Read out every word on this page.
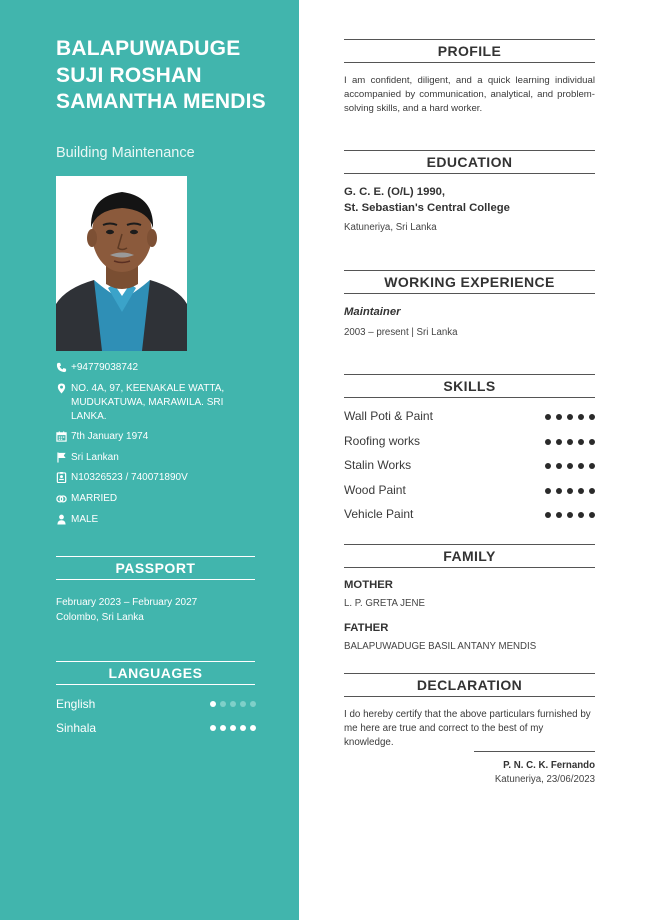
BALAPUWADUGE SUJI ROSHAN SAMANTHA MENDIS
Building Maintenance
+94779038742
NO. 4A, 97, KEENAKALE WATTA, MUDUKATUWA, MARAWILA. SRI LANKA.
7th January 1974
Sri Lankan
N10326523 / 740071890V
MARRIED
MALE
PASSPORT
February 2023 – February 2027
Colombo, Sri Lanka
LANGUAGES
English
Sinhala
PROFILE

I am confident, diligent, and a quick learning individual accompanied by communication, analytical, and problem-solving skills, and a hard worker.

EDUCATION
G. C. E. (O/L) 1990,
St. Sebastian's Central College
Katuneriya, Sri Lanka
WORKING EXPERIENCE
Maintainer
2003 – present | Sri Lanka
SKILLS
Wall Poti & Paint
Roofing works
Stalin Works
Wood Paint
Vehicle Paint
FAMILY
MOTHER
L. P. GRETA JENE
FATHER
BALAPUWADUGE BASIL ANTANY MENDIS
DECLARATION

I do hereby certify that the above particulars furnished by me here are true and correct to the best of my knowledge.

P. N. C. K. Fernando
Katuneriya, 23/06/2023
